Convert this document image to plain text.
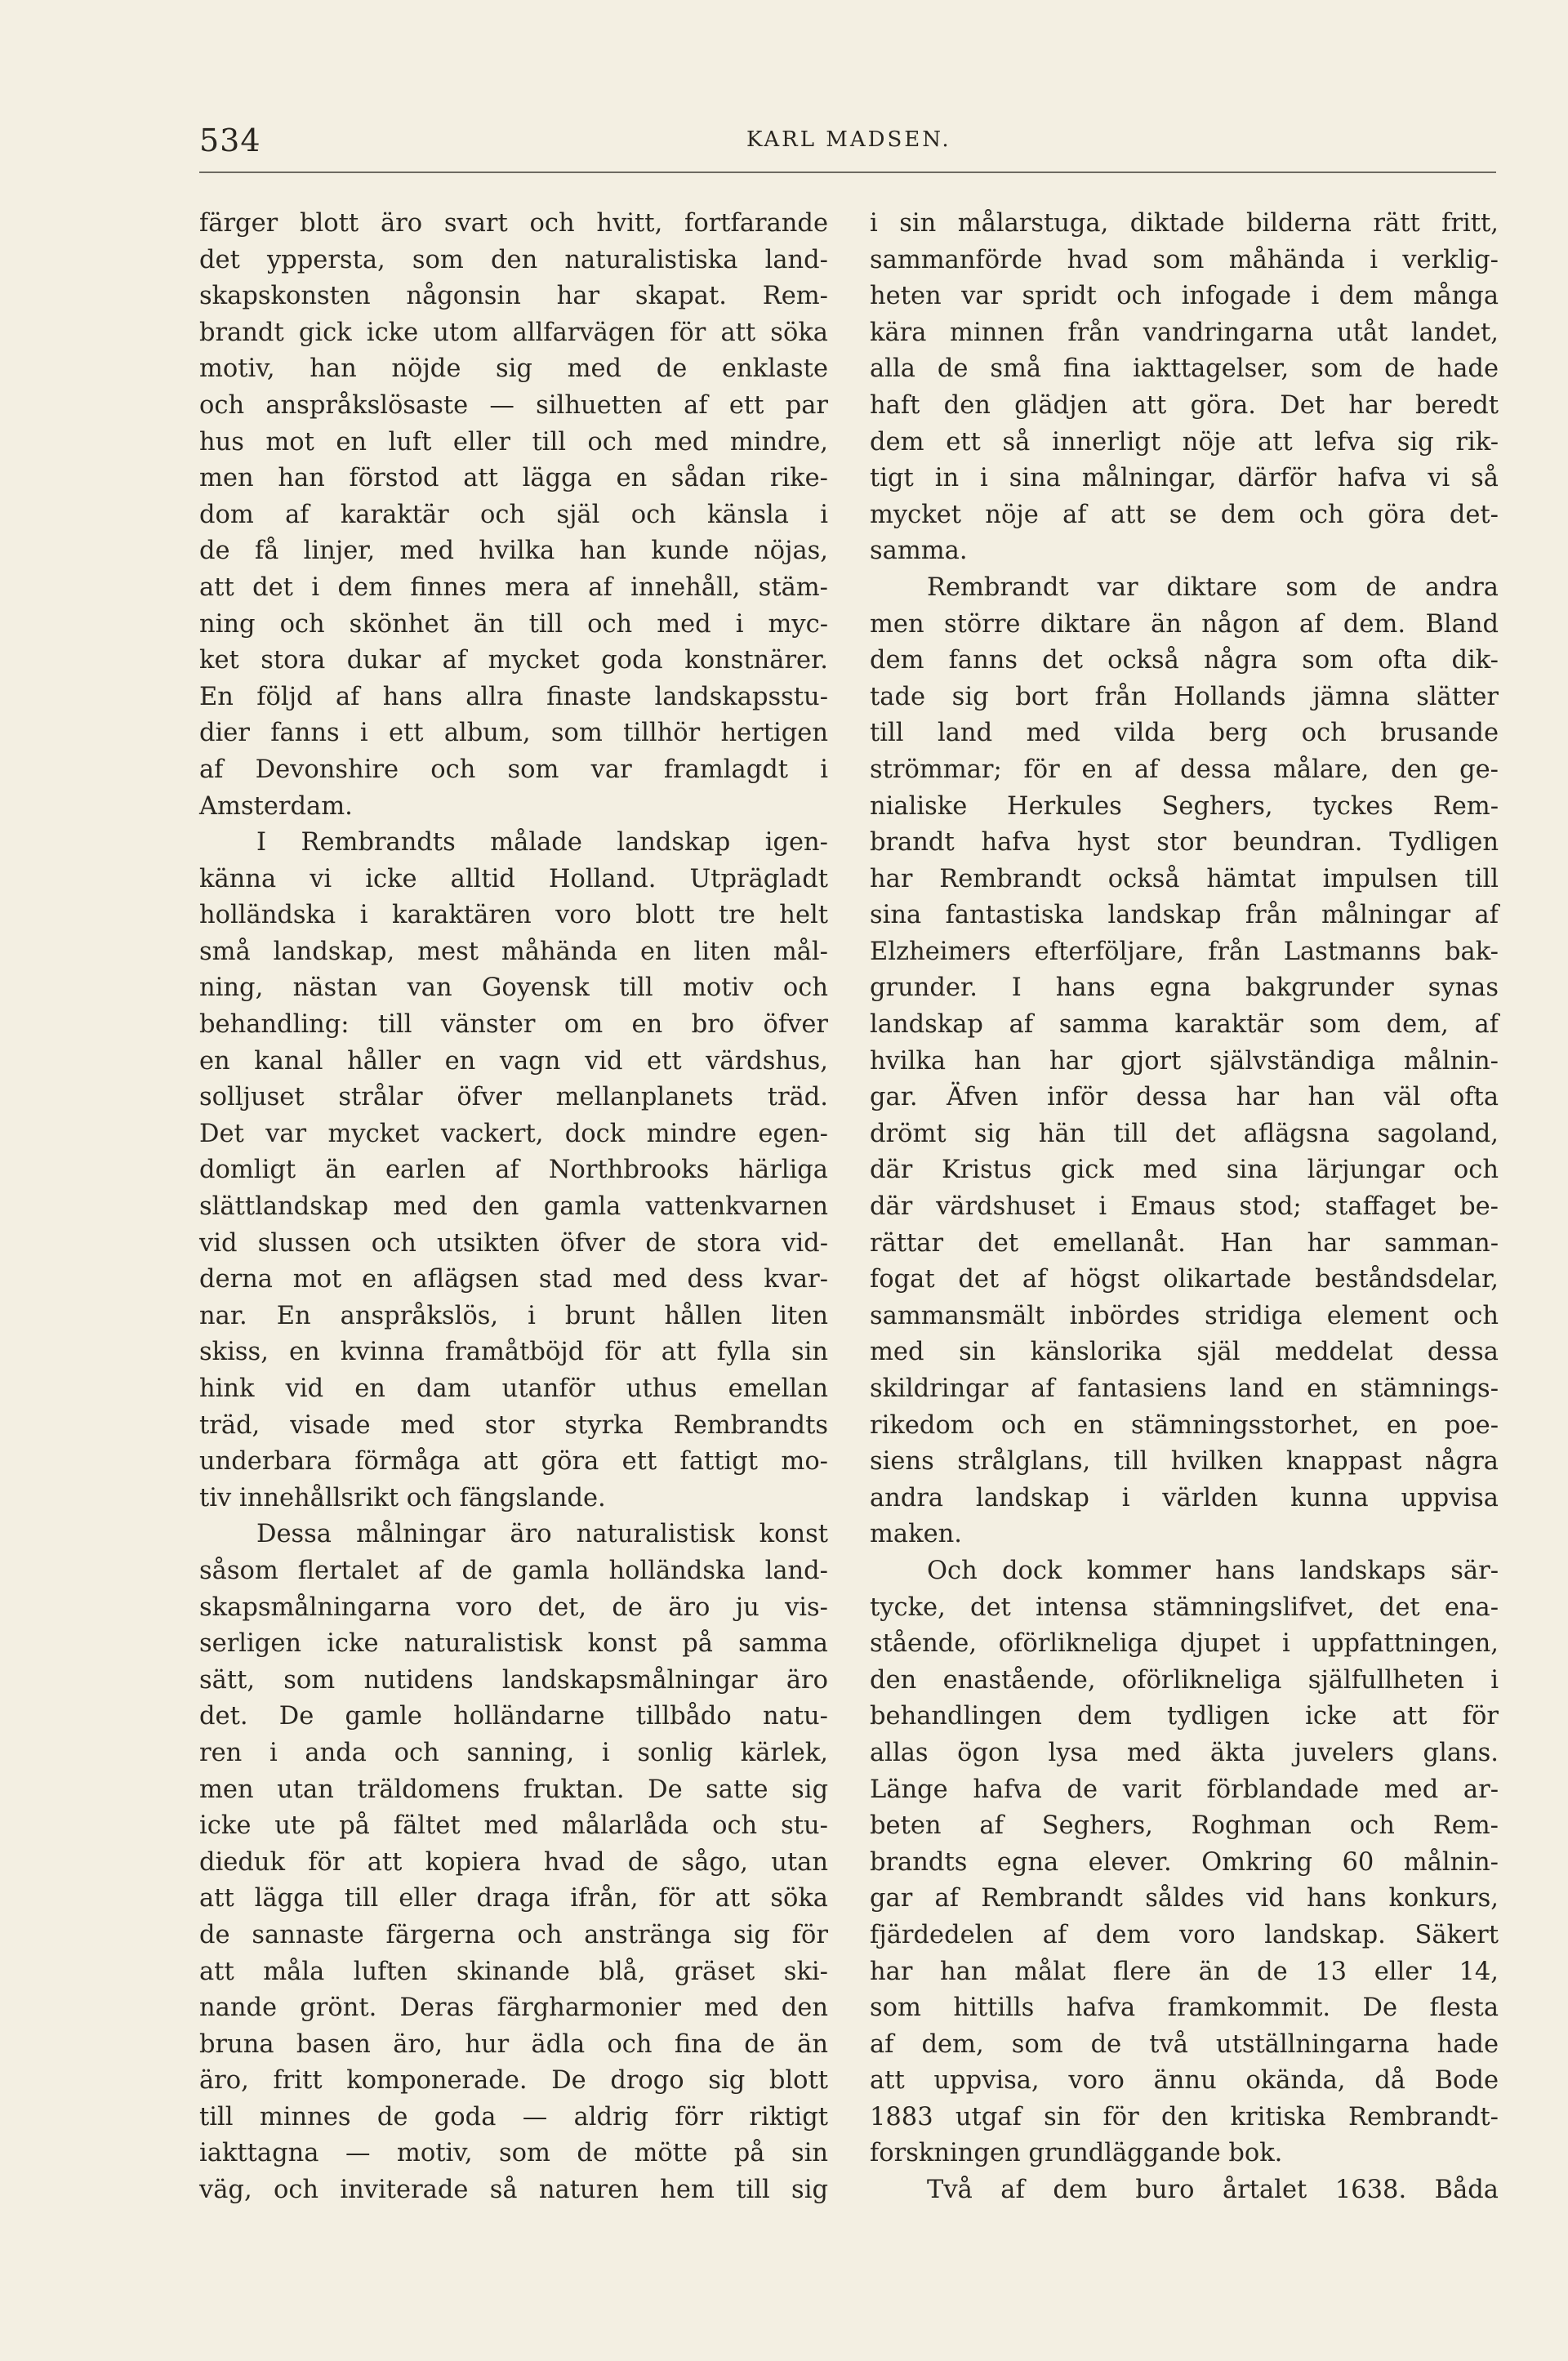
534	KARL MADSEN.
färger blott äro svart och hvitt, fortfarande
det yppersta, som den naturalistiska land-
skapskonsten någonsin har skapat. Rem-
brandt gick icke utom allfarvägen för att söka
motiv, han nöjde sig med de enklaste
och anspråkslösaste — silhuetten af ett par
hus mot en luft eller till och med mindre,
men han förstod att lägga en sådan rike-
dom af karaktär och själ och känsla i
de få linjer, med hvilka han kunde nöjas,
att det i dem finnes mera af innehåll, stäm-
ning och skönhet än till och med i myc-
ket stora dukar af mycket goda konstnärer.
En följd af hans allra finaste landskapsstu-
dier fanns i ett album, som tillhör hertigen
af Devonshire och som var framlagdt i
Amsterdam.
I Rembrandts målade landskap igen-
känna vi icke alltid Holland. Utprägladt
holländska i karaktären voro blott tre helt
små landskap, mest måhända en liten mål-
ning, nästan van Goyensk till motiv och
behandling: till vänster om en bro öfver
en kanal håller en vagn vid ett värdshus,
solljuset strålar öfver mellanplanets träd.
Det var mycket vackert, dock mindre egen-
domligt än earlen af Northbrooks härliga
slättlandskap med den gamla vattenkvarnen
vid slussen och utsikten öfver de stora vid-
derna mot en aflägsen stad med dess kvar-
nar. En anspråkslös, i brunt hållen liten
skiss, en kvinna framåtböjd för att fylla sin
hink vid en dam utanför uthus emellan
träd, visade med stor styrka Rembrandts
underbara förmåga att göra ett fattigt mo-
tiv innehållsrikt och fängslande.
Dessa målningar äro naturalistisk konst
såsom flertalet af de gamla holländska land-
skapsmålningarna voro det, de äro ju vis-
serligen icke naturalistisk konst på samma
sätt, som nutidens landskapsmålningar äro
det. De gamle holländarne tillbådo natu-
ren i anda och sanning, i sonlig kärlek,
men utan träldomens fruktan. De satte sig
icke ute på fältet med målarlåda och stu-
dieduk för att kopiera hvad de sågo, utan
att lägga till eller draga ifrån, för att söka
de sannaste färgerna och anstränga sig för
att måla luften skinande blå, gräset ski-
nande grönt. Deras färgharmonier med den
bruna basen äro, hur ädla och fina de än
äro, fritt komponerade. De drogo sig blott
till minnes de goda — aldrig förr riktigt
iakttagna — motiv, som de mötte på sin
väg, och inviterade så naturen hem till sig
i sin målarstuga, diktade bilderna rätt fritt,
sammanförde hvad som måhända i verklig-
heten var spridt och infogade i dem många
kära minnen från vandringarna utåt landet,
alla de små fina iakttagelser, som de hade
haft den glädjen att göra. Det har beredt
dem ett så innerligt nöje att lefva sig rik-
tigt in i sina målningar, därför hafva vi så
mycket nöje af att se dem och göra det-
samma.
Rembrandt var diktare som de andra
men större diktare än någon af dem. Bland
dem fanns det också några som ofta dik-
tade sig bort från Hollands jämna slätter
till land med vilda berg och brusande
strömmar; för en af dessa målare, den ge-
nialiske Herkules Seghers, tyckes Rem-
brandt hafva hyst stor beundran. Tydligen
har Rembrandt också hämtat impulsen till
sina fantastiska landskap från målningar af
Elzheimers efterföljare, från Lastmanns bak-
grunder. I hans egna bakgrunder synas
landskap af samma karaktär som dem, af
hvilka han har gjort självständiga målnin-
gar. Äfven inför dessa har han väl ofta
drömt sig hän till det aflägsna sagoland,
där Kristus gick med sina lärjungar och
där värdshuset i Emaus stod; staffaget be-
rättar det emellanåt. Han har samman-
fogat det af högst olikartade beståndsdelar,
sammansmält inbördes stridiga element och
med sin känslorika själ meddelat dessa
skildringar af fantasiens land en stämnings-
rikedom och en stämningsstorhet, en poe-
siens strålglans, till hvilken knappast några
andra landskap i världen kunna uppvisa
maken.
Och dock kommer hans landskaps sär-
tycke, det intensa stämningslifvet, det ena-
stående, oförlikneliga djupet i uppfattningen,
den enastående, oförlikneliga själfullheten i
behandlingen dem tydligen icke att för
allas ögon lysa med äkta juvelers glans.
Länge hafva de varit förblandade med ar-
beten af Seghers, Roghman och Rem-
brandts egna elever. Omkring 60 målnin-
gar af Rembrandt såldes vid hans konkurs,
fjärdedelen af dem voro landskap. Säkert
har han målat flere än de 13 eller 14,
som hittills hafva framkommit. De flesta
af dem, som de två utställningarna hade
att uppvisa, voro ännu okända, då Bode
1883 utgaf sin för den kritiska Rembrandt-
forskningen grundläggande bok.
Två af dem buro årtalet 1638. Båda
